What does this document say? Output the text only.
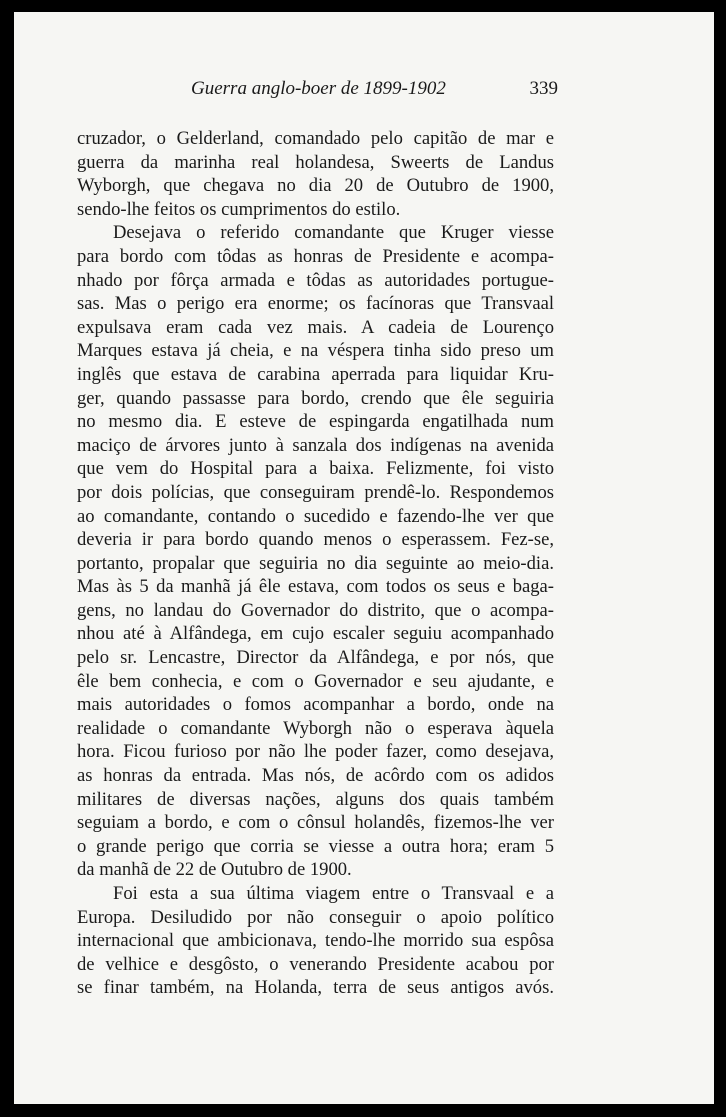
Guerra anglo-boer de 1899-1902	339
cruzador, o Gelderland, comandado pelo capitão de mar e
guerra da marinha real holandesa, Sweerts de Landus
Wyborgh, que chegava no dia 20 de Outubro de 1900,
sendo-lhe feitos os cumprimentos do estilo.
Desejava o referido comandante que Kruger viesse
para bordo com tôdas as honras de Presidente e acompa-
nhado por fôrça armada e tôdas as autoridades portugue-
sas. Mas o perigo era enorme; os facínoras que Transvaal
expulsava eram cada vez mais. A cadeia de Lourenço
Marques estava já cheia, e na véspera tinha sido preso um
inglês que estava de carabina aperrada para liquidar Kru-
ger, quando passasse para bordo, crendo que êle seguiria
no mesmo dia. E esteve de espingarda engatilhada num
maciço de árvores junto à sanzala dos indígenas na avenida
que vem do Hospital para a baixa. Felizmente, foi visto
por dois polícias, que conseguiram prendê-lo. Respondemos
ao comandante, contando o sucedido e fazendo-lhe ver que
deveria ir para bordo quando menos o esperassem. Fez-se,
portanto, propalar que seguiria no dia seguinte ao meio-dia.
Mas às 5 da manhã já êle estava, com todos os seus e baga-
gens, no landau do Governador do distrito, que o acompa-
nhou até à Alfândega, em cujo escaler seguiu acompanhado
pelo sr. Lencastre, Director da Alfândega, e por nós, que
êle bem conhecia, e com o Governador e seu ajudante, e
mais autoridades o fomos acompanhar a bordo, onde na
realidade o comandante Wyborgh não o esperava àquela
hora. Ficou furioso por não lhe poder fazer, como desejava,
as honras da entrada. Mas nós, de acôrdo com os adidos
militares de diversas nações, alguns dos quais também
seguiam a bordo, e com o cônsul holandês, fizemos-lhe ver
o grande perigo que corria se viesse a outra hora; eram 5
da manhã de 22 de Outubro de 1900.
Foi esta a sua última viagem entre o Transvaal e a
Europa. Desiludido por não conseguir o apoio político
internacional que ambicionava, tendo-lhe morrido sua espôsa
de velhice e desgôsto, o venerando Presidente acabou por
se finar também, na Holanda, terra de seus antigos avós.
